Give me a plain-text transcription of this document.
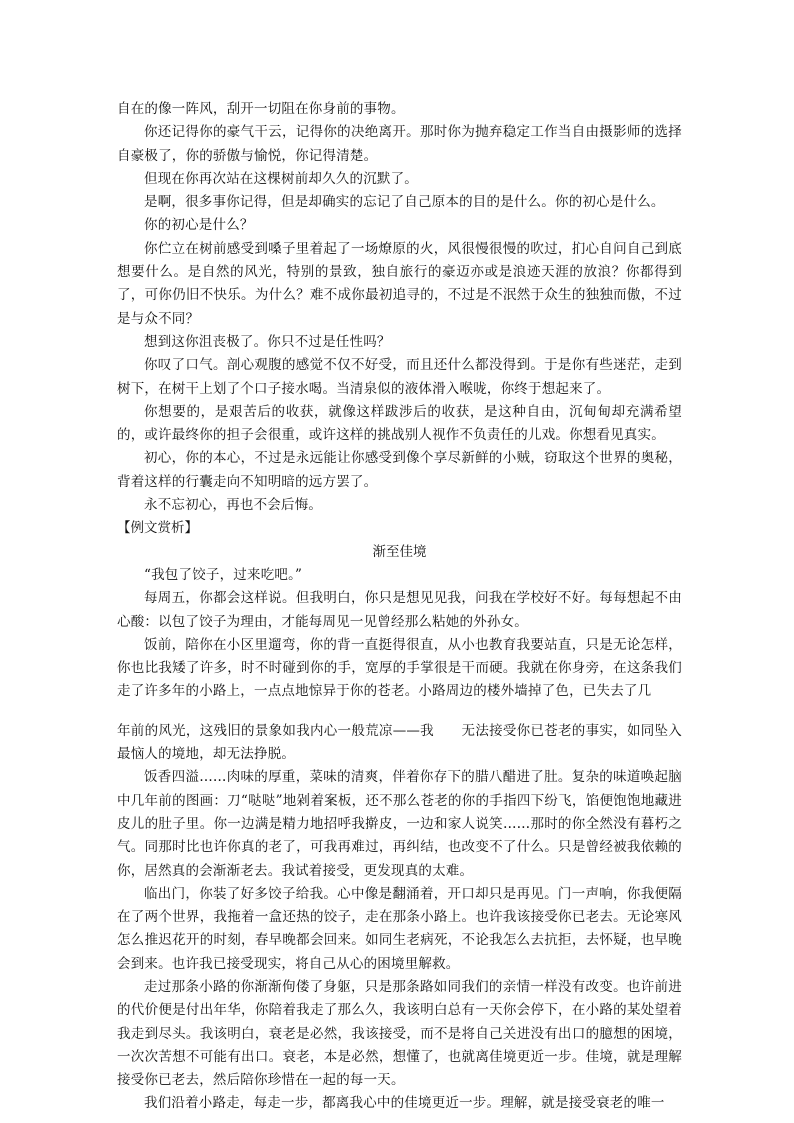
自在的像一阵风，刮开一切阻在你身前的事物。

你还记得你的豪气干云，记得你的决绝离开。那时你为抛弃稳定工作当自由摄影师的选择自豪极了，你的骄傲与愉悦，你记得清楚。

但现在你再次站在这棵树前却久久的沉默了。

是啊，很多事你记得，但是却确实的忘记了自己原本的目的是什么。你的初心是什么。

你的初心是什么？

你伫立在树前感受到嗓子里着起了一场燎原的火，风很慢很慢的吹过，扪心自问自己到底想要什么。是自然的风光，特别的景致，独自旅行的豪迈亦或是浪迹天涯的放浪？你都得到了，可你仍旧不快乐。为什么？难不成你最初追寻的，不过是不泯然于众生的独独而傲，不过是与众不同？

想到这你沮丧极了。你只不过是任性吗？

你叹了口气。剖心观腹的感觉不仅不好受，而且还什么都没得到。于是你有些迷茫，走到树下，在树干上划了个口子接水喝。当清泉似的液体滑入喉咙，你终于想起来了。

你想要的，是艰苦后的收获，就像这样跋涉后的收获，是这种自由，沉甸甸却充满希望的，或许最终你的担子会很重，或许这样的挑战别人视作不负责任的儿戏。你想看见真实。

初心，你的本心，不过是永远能让你感受到像个享尽新鲜的小贼，窃取这个世界的奥秘，背着这样的行囊走向不知明暗的远方罢了。

永不忘初心，再也不会后悔。

【例文赏析】

渐至佳境

“我包了饺子，过来吃吧。”

每周五，你都会这样说。但我明白，你只是想见见我，问我在学校好不好。每每想起不由心酸：以包了饺子为理由，才能每周见一见曾经那么粘她的外孙女。

饭前，陪你在小区里遛弯，你的背一直挺得很直，从小也教育我要站直，只是无论怎样，你也比我矮了许多，时不时碰到你的手，宽厚的手掌很是干而硬。我就在你身旁，在这条我们走了许多年的小路上，一点点地惊异于你的苍老。小路周边的楼外墙掉了色，已失去了几

年前的风光，这残旧的景象如我内心一般荒凉——我　　无法接受你已苍老的事实，如同坠入最恼人的境地，却无法挣脱。

饭香四溢……肉味的厚重，菜味的清爽，伴着你存下的腊八醋进了肚。复杂的味道唤起脑中几年前的图画：刀“哒哒”地剁着案板，还不那么苍老的你的手指四下纷飞，馅便饱饱地藏进皮儿的肚子里。你一边满是精力地招呼我擀皮，一边和家人说笑……那时的你全然没有暮朽之气。同那时比也许你真的老了，可我再难过，再纠结，也改变不了什么。只是曾经被我依赖的你，居然真的会渐渐老去。我试着接受，更发现真的太难。

临出门，你装了好多饺子给我。心中像是翻涌着，开口却只是再见。门一声响，你我便隔在了两个世界，我拖着一盒还热的饺子，走在那条小路上。也许我该接受你已老去。无论寒风怎么推迟花开的时刻，春早晚都会回来。如同生老病死，不论我怎么去抗拒，去怀疑，也早晚会到来。也许我已接受现实，将自己从心的困境里解救。

走过那条小路的你渐渐佝偻了身躯，只是那条路如同我们的亲情一样没有改变。也许前进的代价便是付出年华，你陪着我走了那么久，我该明白总有一天你会停下，在小路的某处望着我走到尽头。我该明白，衰老是必然，我该接受，而不是将自己关进没有出口的臆想的困境，一次次苦想不可能有出口。衰老，本是必然，想懂了，也就离佳境更近一步。佳境，就是理解接受你已老去，然后陪你珍惜在一起的每一天。

我们沿着小路走，每走一步，都离我心中的佳境更近一步。理解，就是接受衰老的唯一
